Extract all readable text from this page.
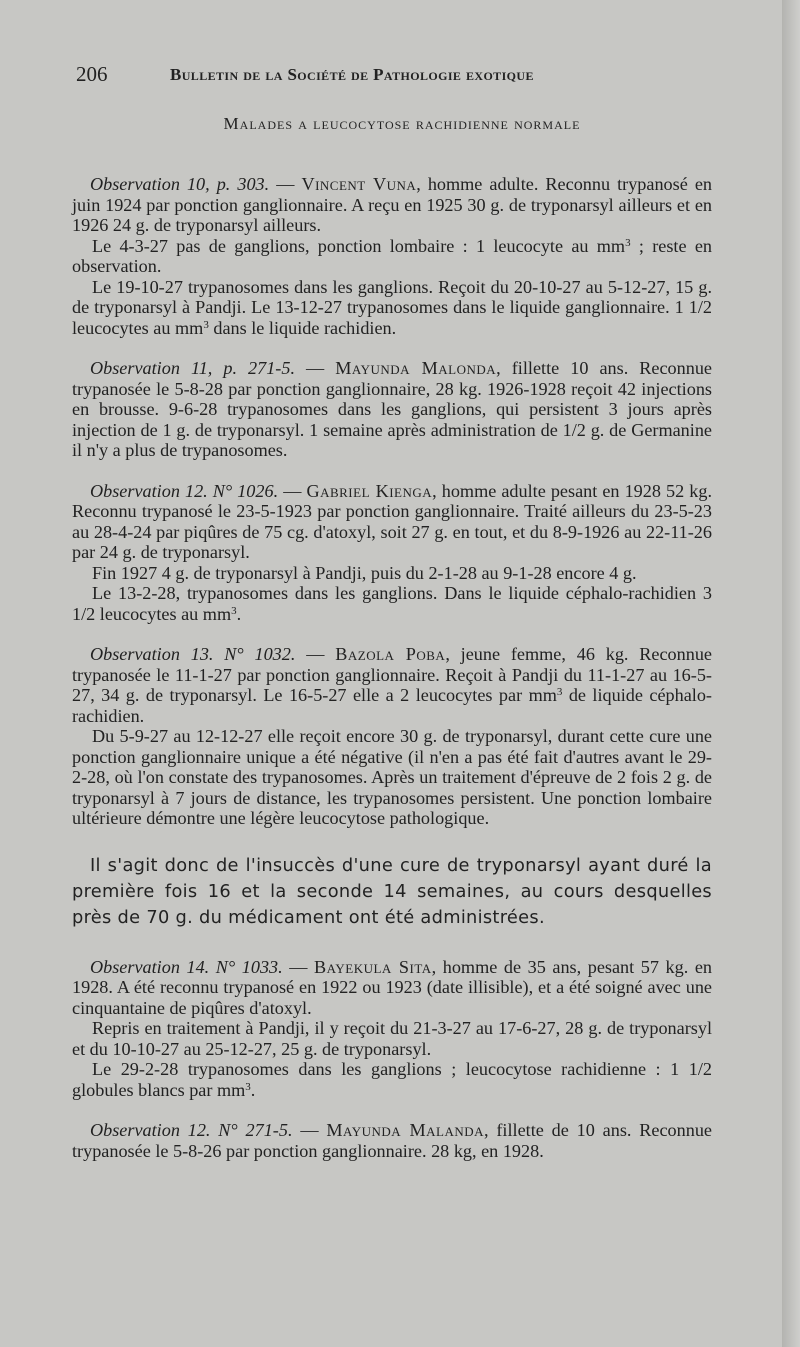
206	Bulletin de la Société de Pathologie exotique
Malades a leucocytose rachidienne normale

Observation 10, p. 303. — Vincent Vuna, homme adulte. Reconnu trypanosé en juin 1924 par ponction ganglionnaire. A reçu en 1925 30 g. de tryponarsyl ailleurs et en 1926 24 g. de tryponarsyl ailleurs.

Le 4-3-27 pas de ganglions, ponction lombaire : 1 leucocyte au $mm^3$ ; reste en observation.

Le 19-10-27 trypanosomes dans les ganglions. Reçoit du 20-10-27 au 5-12-27, 15 g. de tryponarsyl à Pandji. Le 13-12-27 trypanosomes dans le liquide ganglionnaire. 1 1/2 leucocytes au $mm^3$ dans le liquide rachidien.

Observation 11, p. 271-5. — Mayunda Malonda, fillette 10 ans. Reconnue trypanosée le 5-8-28 par ponction ganglionnaire, 28 kg. 1926-1928 reçoit 42 injections en brousse. 9-6-28 trypanosomes dans les ganglions, qui persistent 3 jours après injection de 1 g. de tryponarsyl. 1 semaine après administration de 1/2 g. de Germanine il n'y a plus de trypanosomes.

Observation 12. N° 1026. — Gabriel Kienga, homme adulte pesant en 1928 52 kg. Reconnu trypanosé le 23-5-1923 par ponction ganglionnaire. Traité ailleurs du 23-5-23 au 28-4-24 par piqûres de 75 cg. d'atoxyl, soit 27 g. en tout, et du 8-9-1926 au 22-11-26 par 24 g. de tryponarsyl.

Fin 1927 4 g. de tryponarsyl à Pandji, puis du 2-1-28 au 9-1-28 encore 4 g.

Le 13-2-28, trypanosomes dans les ganglions. Dans le liquide céphalo-rachidien 3 1/2 leucocytes au $mm^3$.

Observation 13. N° 1032. — Bazola Poba, jeune femme, 46 kg. Reconnue trypanosée le 11-1-27 par ponction ganglionnaire. Reçoit à Pandji du 11-1-27 au 16-5-27, 34 g. de tryponarsyl. Le 16-5-27 elle a 2 leucocytes par $mm^3$ de liquide céphalo-rachidien.

Du 5-9-27 au 12-12-27 elle reçoit encore 30 g. de tryponarsyl, durant cette cure une ponction ganglionnaire unique a été négative (il n'en a pas été fait d'autres avant le 29-2-28, où l'on constate des trypanosomes. Après un traitement d'épreuve de 2 fois 2 g. de tryponarsyl à 7 jours de distance, les trypanosomes persistent. Une ponction lombaire ultérieure démontre une légère leucocytose pathologique.

Il s'agit donc de l'insuccès d'une cure de tryponarsyl ayant duré la première fois 16 et la seconde 14 semaines, au cours desquelles près de 70 g. du médicament ont été administrées.

Observation 14. N° 1033. — Bayekula Sita, homme de 35 ans, pesant 57 kg. en 1928. A été reconnu trypanosé en 1922 ou 1923 (date illisible), et a été soigné avec une cinquantaine de piqûres d'atoxyl.

Repris en traitement à Pandji, il y reçoit du 21-3-27 au 17-6-27, 28 g. de tryponarsyl et du 10-10-27 au 25-12-27, 25 g. de tryponarsyl.

Le 29-2-28 trypanosomes dans les ganglions ; leucocytose rachidienne : 1 1/2 globules blancs par $mm^3$.

Observation 12. N° 271-5. — Mayunda Malanda, fillette de 10 ans. Reconnue trypanosée le 5-8-26 par ponction ganglionnaire. 28 kg, en 1928.
